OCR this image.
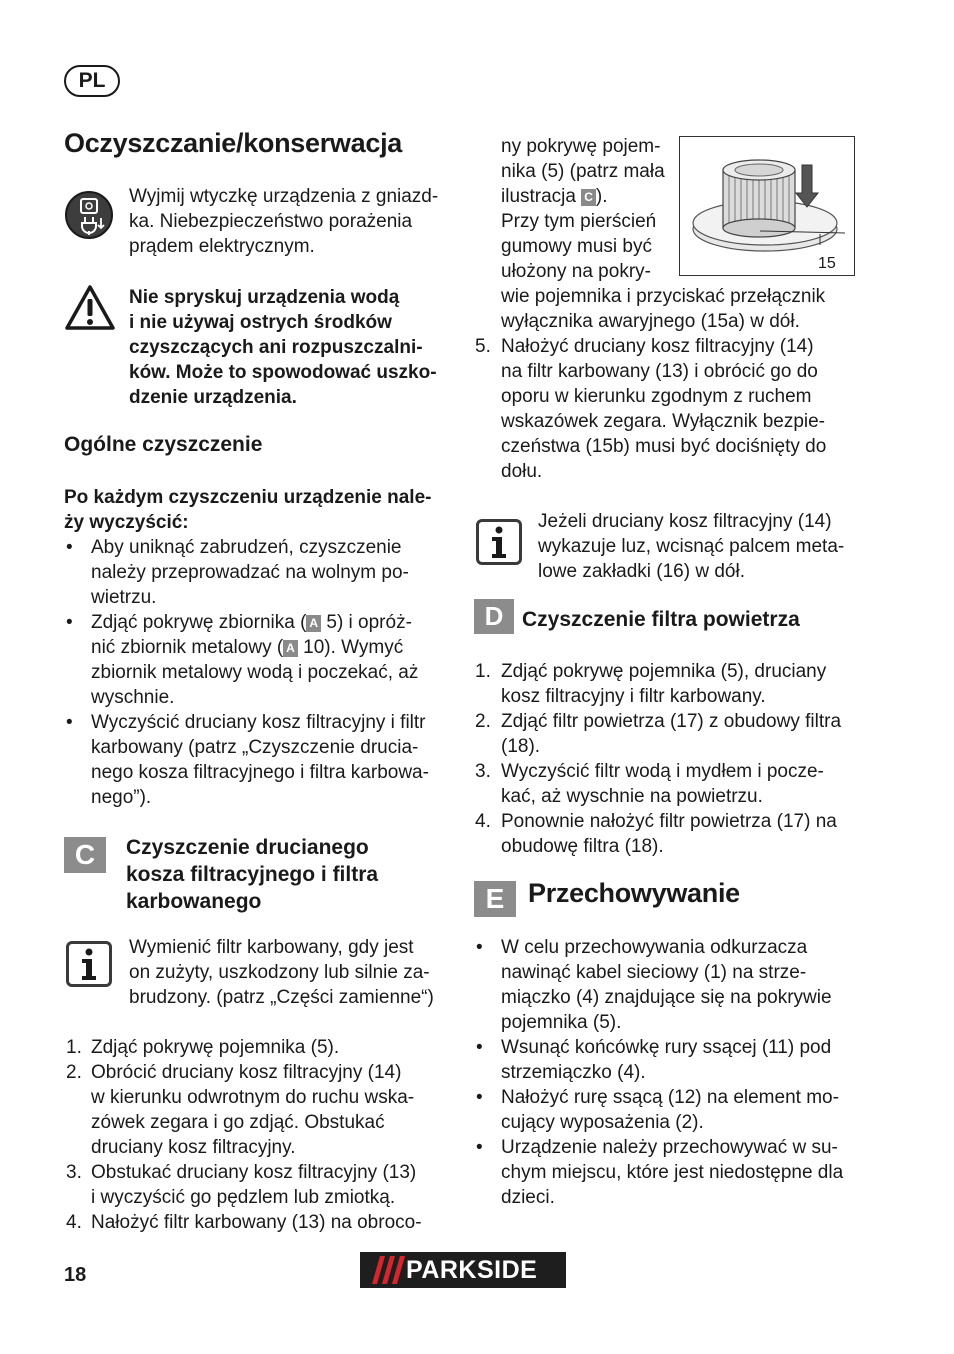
PL
Oczyszczanie/konserwacja
Wyjmij wtyczkę urządzenia z gniazd-
ka. Niebezpieczeństwo porażenia
prądem elektrycznym.
Nie spryskuj urządzenia wodą
i nie używaj ostrych środków
czyszczących ani rozpuszczalni-
ków. Może to spowodować uszko-
dzenie urządzenia.
Ogólne czyszczenie
Po każdym czyszczeniu urządzenie nale-
ży wyczyścić:
• Aby uniknąć zabrudzeń, czyszczenie
należy przeprowadzać na wolnym po-
wietrzu.
• Zdjąć pokrywę zbiornika ( A 5) i opróż-
nić zbiornik metalowy ( A 10). Wymyć
zbiornik metalowy wodą i poczekać, aż
wyschnie.
• Wyczyścić druciany kosz filtracyjny i filtr
karbowany (patrz „Czyszczenie drucia-
nego kosza filtracyjnego i filtra karbowa-
nego”).
C	Czyszczenie drucianego
kosza filtracyjnego i filtra
karbowanego
Wymienić filtr karbowany, gdy jest
on zużyty, uszkodzony lub silnie za-
brudzony. (patrz „Części zamienne“)
1. Zdjąć pokrywę pojemnika (5).
2. Obrócić druciany kosz filtracyjny (14)
w kierunku odwrotnym do ruchu wska-
zówek zegara i go zdjąć. Obstukać
druciany kosz filtracyjny.
3. Obstukać druciany kosz filtracyjny (13)
i wyczyścić go pędzlem lub zmiotką.
4. Nałożyć filtr karbowany (13) na obroco-
ny pokrywę pojem-
nika (5) (patrz mała
ilustracja C ).
Przy tym pierścień
gumowy musi być
ułożony na pokry-
wie pojemnika i przyciskać przełącznik
wyłącznika awaryjnego (15a) w dół.
15
5. Nałożyć druciany kosz filtracyjny (14)
na filtr karbowany (13) i obrócić go do
oporu w kierunku zgodnym z ruchem
wskazówek zegara. Wyłącznik bezpie-
czeństwa (15b) musi być dociśnięty do
dołu.
Jeżeli druciany kosz filtracyjny (14)
wykazuje luz, wcisnąć palcem meta-
lowe zakładki (16) w dół.
D Czyszczenie filtra powietrza
1. Zdjąć pokrywę pojemnika (5), druciany
kosz filtracyjny i filtr karbowany.
2. Zdjąć filtr powietrza (17) z obudowy filtra
(18).
3. Wyczyścić filtr wodą i mydłem i pocze-
kać, aż wyschnie na powietrzu.
4. Ponownie nałożyć filtr powietrza (17) na
obudowę filtra (18).
E Przechowywanie
• W celu przechowywania odkurzacza
nawinąć kabel sieciowy (1) na strze-
miączko (4) znajdujące się na pokrywie
pojemnika (5).
• Wsunąć końcówkę rury ssącej (11) pod
strzemiączko (4).
• Nałożyć rurę ssącą (12) na element mo-
cujący wyposażenia (2).
• Urządzenie należy przechowywać w su-
chym miejscu, które jest niedostępne dla
dzieci.
18	PARKSIDE
